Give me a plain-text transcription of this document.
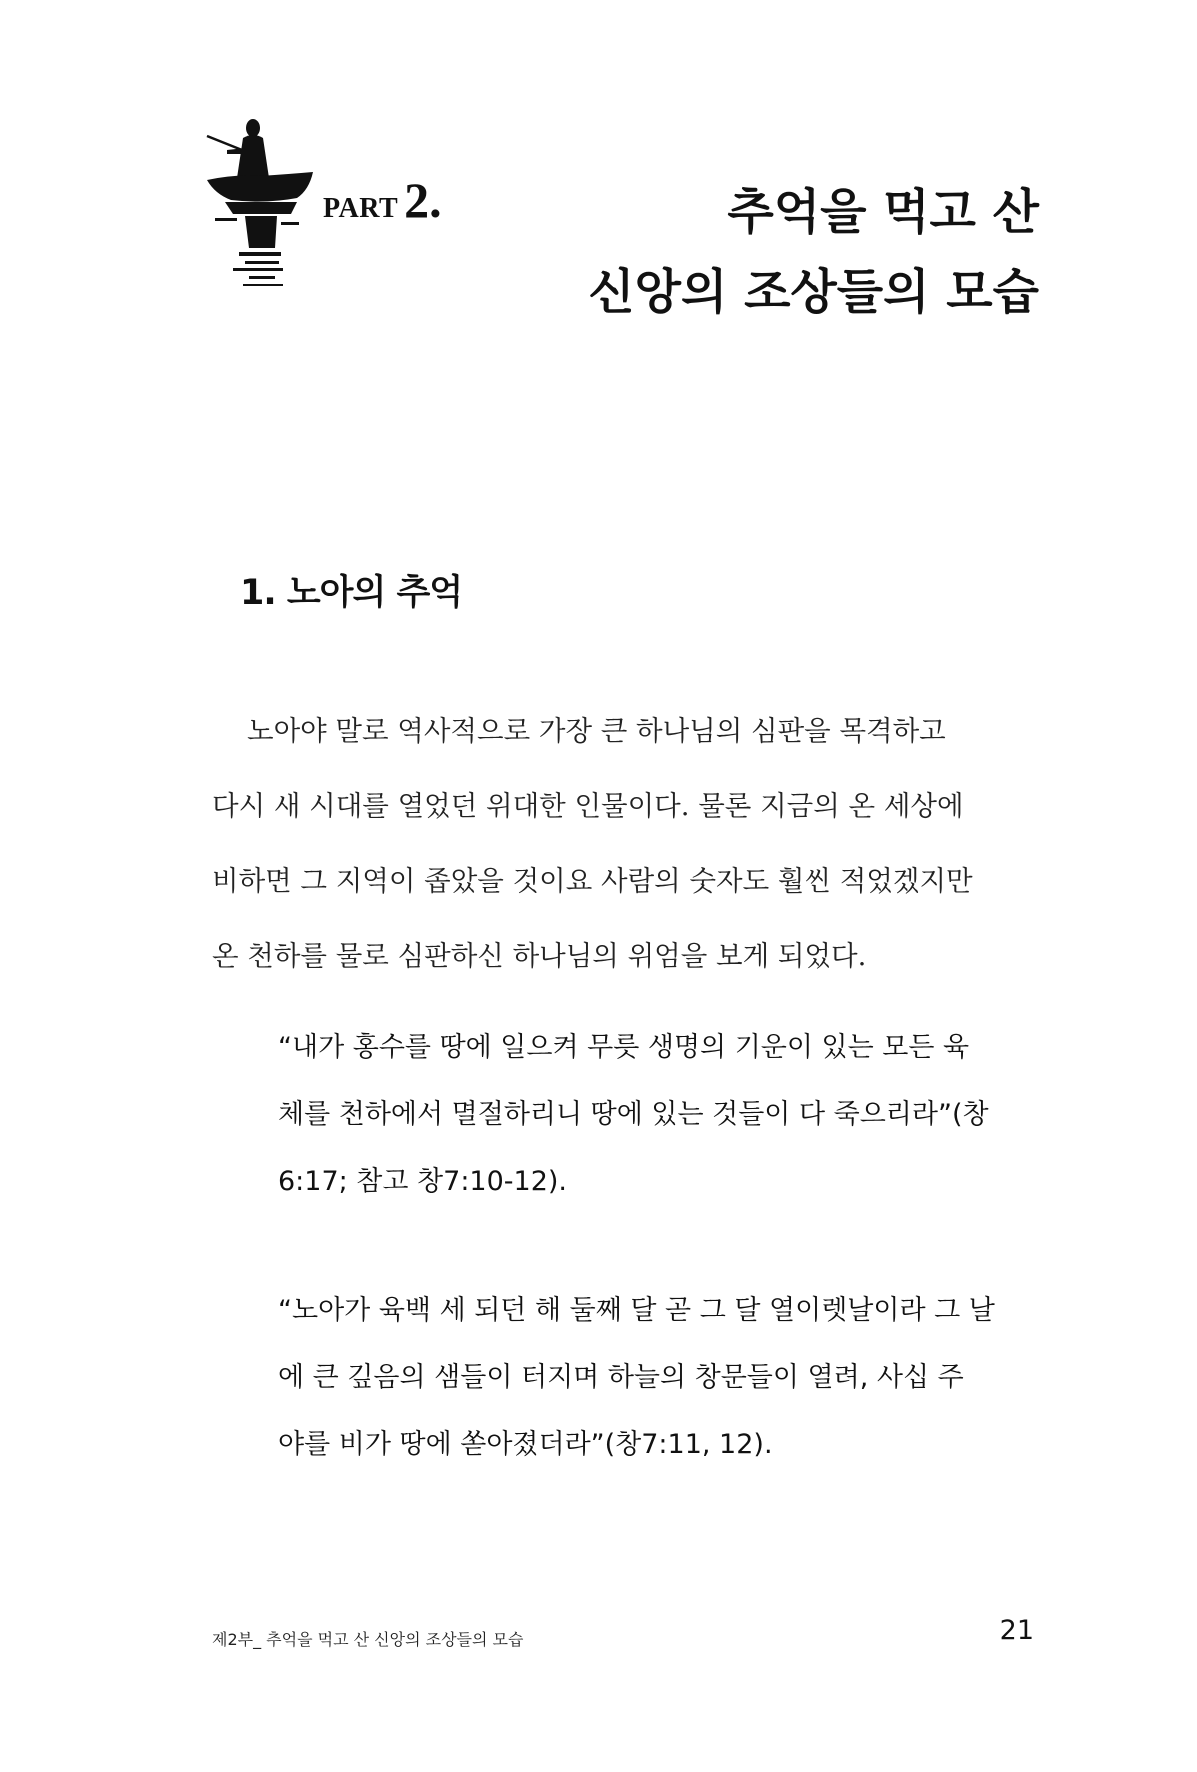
PART 2.	추억을 먹고 산
신앙의 조상들의 모습
1. 노아의 추억
노아야 말로 역사적으로 가장 큰 하나님의 심판을 목격하고
다시 새 시대를 열었던 위대한 인물이다. 물론 지금의 온 세상에
비하면 그 지역이 좁았을 것이요 사람의 숫자도 훨씬 적었겠지만
온 천하를 물로 심판하신 하나님의 위엄을 보게 되었다.
“내가 홍수를 땅에 일으켜 무릇 생명의 기운이 있는 모든 육
체를 천하에서 멸절하리니 땅에 있는 것들이 다 죽으리라”(창
6:17; 참고 창7:10-12).
“노아가 육백 세 되던 해 둘째 달 곧 그 달 열이렛날이라 그 날
에 큰 깊음의 샘들이 터지며 하늘의 창문들이 열려, 사십 주
야를 비가 땅에 쏟아졌더라”(창7:11, 12).
제2부_ 추억을 먹고 산 신앙의 조상들의 모습	21
